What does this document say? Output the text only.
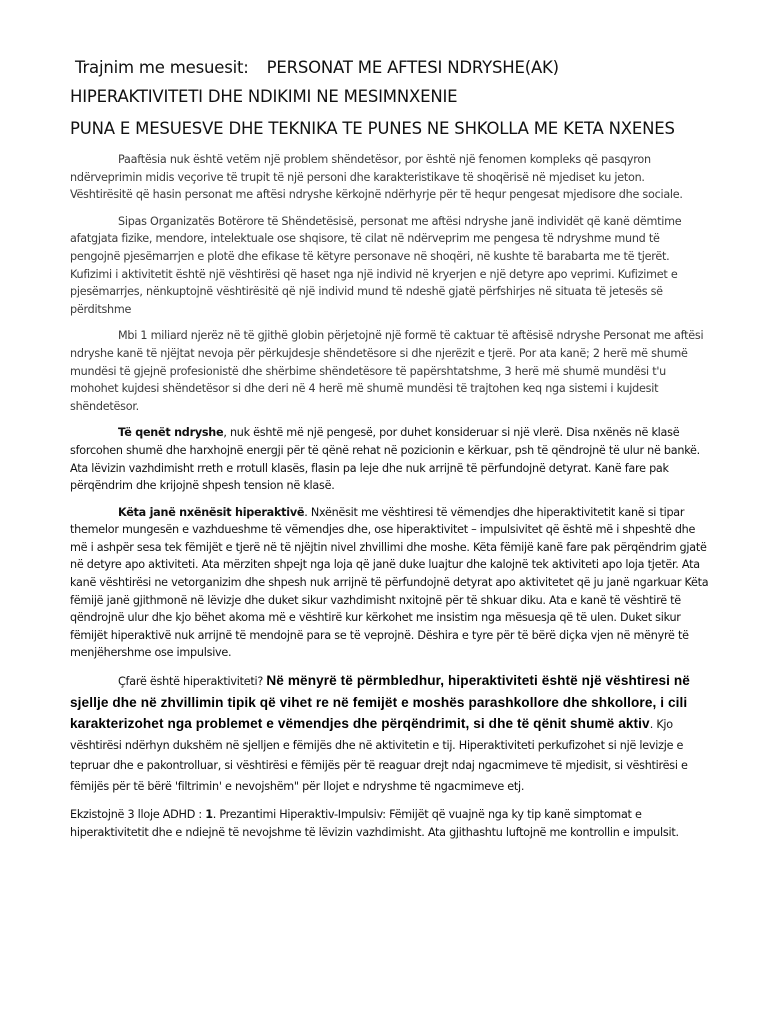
Trajnim me mesuesit: PERSONAT ME AFTESI NDRYSHE(AK)
HIPERAKTIVITETI DHE NDIKIMI NE MESIMNXENIE
PUNA E MESUESVE DHE TEKNIKA TE PUNES NE SHKOLLA ME KETA NXENES

Paaftësia nuk është vetëm një problem shëndetësor, por është një fenomen kompleks që pasqyron ndërveprimin midis veçorive të trupit të një personi dhe karakteristikave të shoqërisë në mjediset ku jeton. Vështirësitë që hasin personat me aftësi ndryshe kërkojnë ndërhyrje për të hequr pengesat mjedisore dhe sociale.

Sipas Organizatës Botërore të Shëndetësisë, personat me aftësi ndryshe janë individët që kanë dëmtime afatgjata fizike, mendore, intelektuale ose shqisore, të cilat në ndërveprim me pengesa të ndryshme mund të pengojnë pjesëmarrjen e plotë dhe efikase të këtyre personave në shoqëri, në kushte të barabarta me të tjerët. Kufizimi i aktivitetit është një vështirësi që haset nga një individ në kryerjen e një detyre apo veprimi. Kufizimet e pjesëmarrjes, nënkuptojnë vështirësitë që një individ mund të ndeshë gjatë përfshirjes në situata të jetesës së përditshme

Mbi 1 miliard njerëz në të gjithë globin përjetojnë një formë të caktuar të aftësisë ndryshe Personat me aftësi ndryshe kanë të njëjtat nevoja për përkujdesje shëndetësore si dhe njerëzit e tjerë. Por ata kanë; 2 herë më shumë mundësi të gjejnë profesionistë dhe shërbime shëndetësore të papërshtatshme, 3 herë më shumë mundësi t'u mohohet kujdesi shëndetësor si dhe deri në 4 herë më shumë mundësi të trajtohen keq nga sistemi i kujdesit shëndetësor.

Të qenët ndryshe, nuk është më një pengesë, por duhet konsideruar si një vlerë. Disa nxënës në klasë sforcohen shumë dhe harxhojnë energji për të qënë rehat në pozicionin e kërkuar, psh të qëndrojnë të ulur në bankë. Ata lëvizin vazhdimisht rreth e rrotull klasës, flasin pa leje dhe nuk arrijnë të përfundojnë detyrat. Kanë fare pak përqëndrim dhe krijojnë shpesh tension në klasë.

Këta janë nxënësit hiperaktivë. Nxënësit me vështiresi të vëmendjes dhe hiperaktivitetit kanë si tipar themelor mungesën e vazhdueshme të vëmendjes dhe, ose hiperaktivitet – impulsivitet që është më i shpeshtë dhe më i ashpër sesa tek fëmijët e tjerë në të njëjtin nivel zhvillimi dhe moshe. Këta fëmijë kanë fare pak përqëndrim gjatë në detyre apo aktiviteti. Ata mërziten shpejt nga loja që janë duke luajtur dhe kalojnë tek aktiviteti apo loja tjetër. Ata kanë vështirësi ne vetorganizim dhe shpesh nuk arrijnë të përfundojnë detyrat apo aktivitetet që ju janë ngarkuar Këta fëmijë janë gjithmonë në lëvizje dhe duket sikur vazhdimisht nxitojnë për të shkuar diku. Ata e kanë të vështirë të qëndrojnë ulur dhe kjo bëhet akoma më e vështirë kur kërkohet me insistim nga mësuesja që të ulen. Duket sikur fëmijët hiperaktivë nuk arrijnë të mendojnë para se të veprojnë. Dëshira e tyre për të bërë diçka vjen në mënyrë të menjëhershme ose impulsive.

Çfarë është hiperaktiviteti? Në mënyrë të përmbledhur, hiperaktiviteti është një vështiresi në sjellje dhe në zhvillimin tipik që vihet re në femijët e moshës parashkollore dhe shkollore, i cili karakterizohet nga problemet e vëmendjes dhe përqëndrimit, si dhe të qënit shumë aktiv. Kjo vështirësi ndërhyn dukshëm në sjelljen e fëmijës dhe në aktivitetin e tij. Hiperaktiviteti perkufizohet si një levizje e tepruar dhe e pakontrolluar, si vështirësi e fëmijës për të reaguar drejt ndaj ngacmimeve të mjedisit, si vështirësi e fëmijës për të bërë 'filtrimin' e nevojshëm" për llojet e ndryshme të ngacmimeve etj.

Ekzistojnë 3 lloje ADHD : 1. Prezantimi Hiperaktiv-Impulsiv: Fëmijët që vuajnë nga ky tip kanë simptomat e hiperaktivitetit dhe e ndiejnë të nevojshme të lëvizin vazhdimisht. Ata gjithashtu luftojnë me kontrollin e impulsit.
